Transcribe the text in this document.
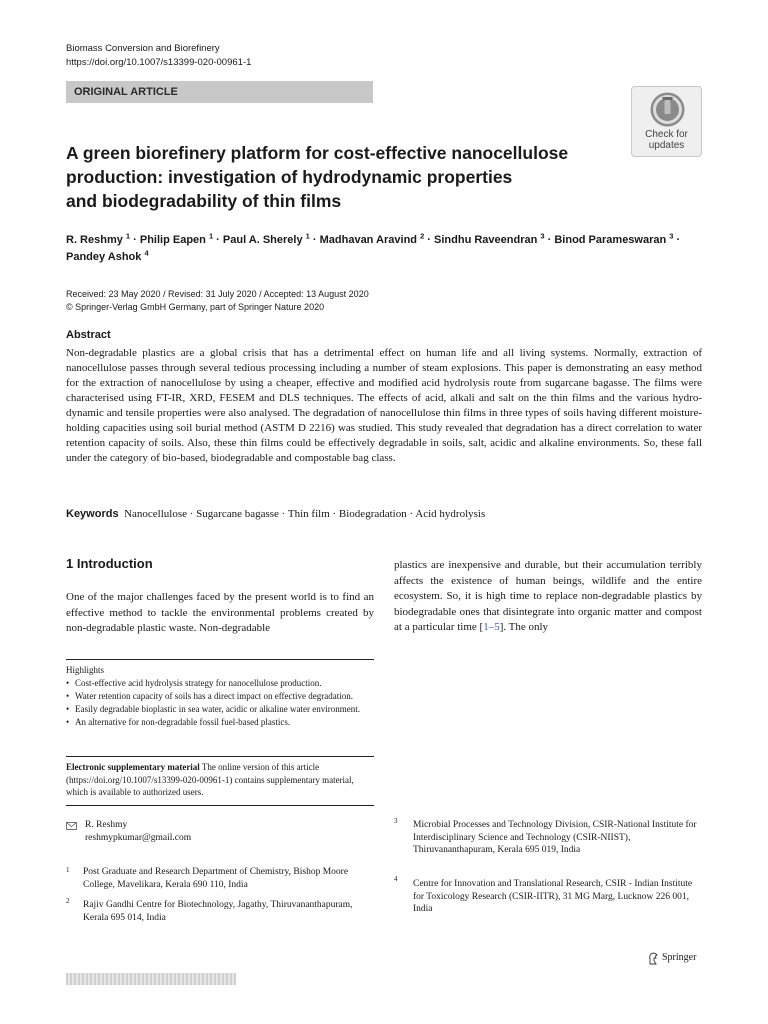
Biomass Conversion and Biorefinery
https://doi.org/10.1007/s13399-020-00961-1
ORIGINAL ARTICLE
Check for
updates
A green biorefinery platform for cost-effective nanocellulose
production: investigation of hydrodynamic properties
and biodegradability of thin films
R. Reshmy $^1$ · Philip Eapen $^1$ · Paul A. Sherely $^1$ · Madhavan Aravind $^2$ · Sindhu Raveendran $^3$ · Binod Parameswaran $^3$ ·
Pandey Ashok $^4$
Received: 23 May 2020 / Revised: 31 July 2020 / Accepted: 13 August 2020
© Springer-Verlag GmbH Germany, part of Springer Nature 2020
Abstract
Non-degradable plastics are a global crisis that has a detrimental effect on human life and all living systems. Normally, extraction of nanocellulose passes through several tedious processing including a number of steam explosions. This paper is demonstrating an easy method for the extraction of nanocellulose by using a cheaper, effective and modified acid hydrolysis route from sugarcane bagasse. The films were characterised using FT-IR, XRD, FESEM and DLS techniques. The effects of acid, alkali and salt on the thin films and the various hydro-dynamic and tensile properties were also analysed. The degradation of nanocellulose thin films in three types of soils having different moisture-holding capacities using soil burial method (ASTM D 2216) was studied. This study revealed that degradation has a direct correlation to water retention capacity of soils. Also, these thin films could be effectively degradable in soils, salt, acidic and alkaline environments. So, these fall under the category of bio-based, biodegradable and compostable bag class.
Keywords Nanocellulose · Sugarcane bagasse · Thin film · Biodegradation · Acid hydrolysis
1 Introduction
One of the major challenges faced by the present world is to find an effective method to tackle the environmental problems created by non-degradable plastic waste. Non-degradable
plastics are inexpensive and durable, but their accumulation terribly affects the existence of human beings, wildlife and the entire ecosystem. So, it is high time to replace non-degradable plastics by biodegradable ones that disintegrate into organic matter and compost at a particular time [1–5]. The only
Highlights
• Cost-effective acid hydrolysis strategy for nanocellulose production.
• Water retention capacity of soils has a direct impact on effective degradation.
• Easily degradable bioplastic in sea water, acidic or alkaline water environment.
• An alternative for non-degradable fossil fuel-based plastics.
Electronic supplementary material The online version of this article (https://doi.org/10.1007/s13399-020-00961-1) contains supplementary material, which is available to authorized users.
R. Reshmy
reshmypkumar@gmail.com
1 Post Graduate and Research Department of Chemistry, Bishop Moore College, Mavelikara, Kerala 690 110, India
2 Rajiv Gandhi Centre for Biotechnology, Jagathy, Thiruvananthapuram, Kerala 695 014, India
3 Microbial Processes and Technology Division, CSIR-National Institute for Interdisciplinary Science and Technology (CSIR-NIIST), Thiruvananthapuram, Kerala 695 019, India
4 Centre for Innovation and Translational Research, CSIR - Indian Institute for Toxicology Research (CSIR-IITR), 31 MG Marg, Lucknow 226 001, India
Springer
